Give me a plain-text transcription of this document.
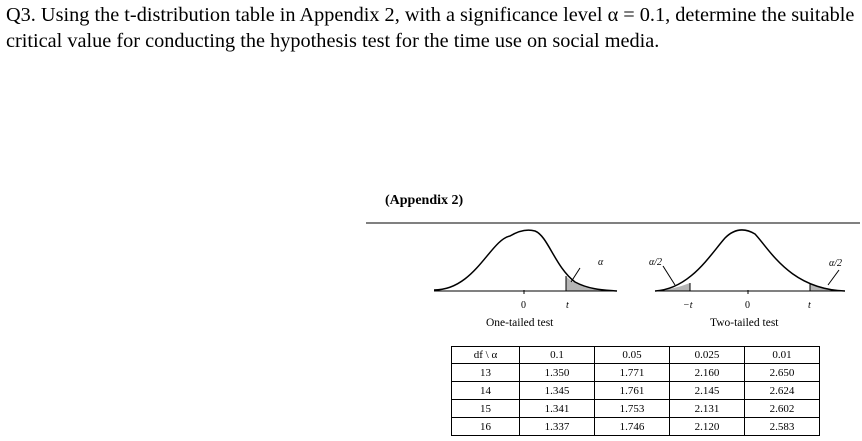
Q3. Using the t-distribution table in Appendix 2, with a significance level α = 0.1, determine the suitable critical value for conducting the hypothesis test for the time use on social media.

(Appendix 2)
α
0	t
α/2	α/2
−t	0	t
One-tailed test	Two-tailed test
df \ α	0.1	0.05	0.025	0.01
13	1.350	1.771	2.160	2.650
14	1.345	1.761	2.145	2.624
15	1.341	1.753	2.131	2.602
16	1.337	1.746	2.120	2.583
